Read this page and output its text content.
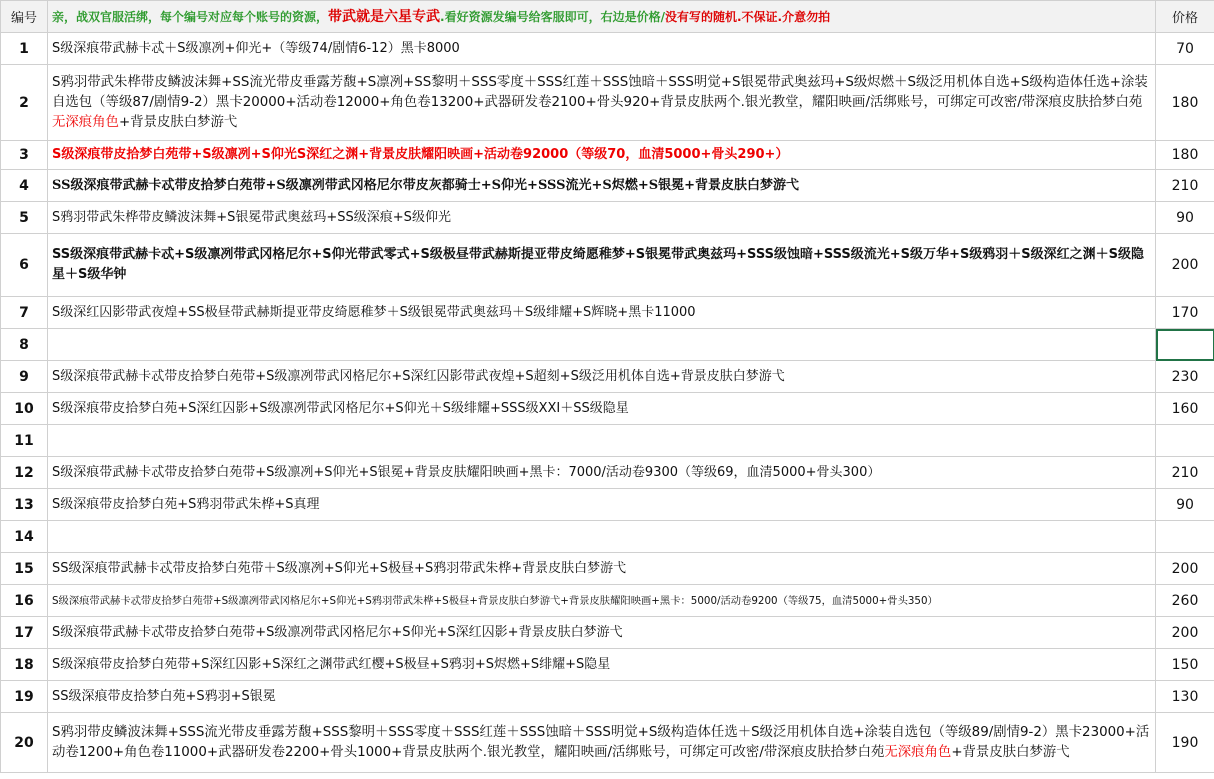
编号	亲，战双官服活绑，每个编号对应每个账号的资源，带武就是六星专武.看好资源发编号给客服即可，右边是价格/没有写的随机.不保证.介意勿拍	价格
1	S级深痕带武赫卡忒＋S级凛冽+仰光+（等级74/剧情6-12）黑卡8000	70
2	S鸦羽带武朱桦带皮鳞波沫舞+SS流光带皮垂露芳馥+S凛冽+SS黎明＋SSS零度＋SSS红莲＋SSS蚀暗＋SSS明觉+S银冕带武奥兹玛+S级烬燃＋S级泛用机体自选+S级构造体任选+涂装自选包（等级87/剧情9-2）黑卡20000+活动卷12000+角色卷13200+武器研发卷2100+骨头920+背景皮肤两个.银光教堂，耀阳映画/活绑账号，可绑定可改密/带深痕皮肤拾梦白苑无深痕角色+背景皮肤白梦游弋	180
3	S级深痕带皮拾梦白苑带+S级凛冽+S仰光S深红之渊+背景皮肤耀阳映画+活动卷92000（等级70，血清5000+骨头290+）	180
4	SS级深痕带武赫卡忒带皮拾梦白苑带+S级凛冽带武冈格尼尔带皮灰都骑士+S仰光+SSS流光+S烬燃+S银冕+背景皮肤白梦游弋	210
5	S鸦羽带武朱桦带皮鳞波沫舞+S银冕带武奥兹玛+SS级深痕+S级仰光	90
6	SS级深痕带武赫卡忒+S级凛冽带武冈格尼尔+S仰光带武零式+S级极昼带武赫斯提亚带皮绮愿稚梦+S银冕带武奥兹玛+SSS级蚀暗+SSS级流光+S级万华+S级鸦羽＋S级深红之渊＋S级隐星＋S级华钟	200
7	S级深红囚影带武夜煌+SS极昼带武赫斯提亚带皮绮愿稚梦＋S级银冕带武奥兹玛＋S级绯耀+S辉晓+黑卡11000	170
8		
9	S级深痕带武赫卡忒带皮拾梦白苑带+S级凛冽带武冈格尼尔+S深红囚影带武夜煌+S超刻+S级泛用机体自选+背景皮肤白梦游弋	230
10	S级深痕带皮拾梦白苑+S深红囚影+S级凛冽带武冈格尼尔+S仰光＋S级绯耀+SSS级XXI＋SS级隐星	160
11		
12	S级深痕带武赫卡忒带皮拾梦白苑带+S级凛冽+S仰光+S银冕+背景皮肤耀阳映画+黑卡：7000/活动卷9300（等级69，血清5000+骨头300）	210
13	S级深痕带皮拾梦白苑+S鸦羽带武朱桦+S真理	90
14		
15	SS级深痕带武赫卡忒带皮拾梦白苑带＋S级凛冽+S仰光+S极昼+S鸦羽带武朱桦+背景皮肤白梦游弋	200
16	S级深痕带武赫卡忒带皮拾梦白苑带+S级凛冽带武冈格尼尔+S仰光+S鸦羽带武朱桦+S极昼+背景皮肤白梦游弋+背景皮肤耀阳映画+黑卡：5000/活动卷9200（等级75，血清5000+骨头350）	260
17	S级深痕带武赫卡忒带皮拾梦白苑带+S级凛冽带武冈格尼尔+S仰光+S深红囚影+背景皮肤白梦游弋	200
18	S级深痕带皮拾梦白苑带+S深红囚影+S深红之渊带武红樱+S极昼+S鸦羽+S烬燃+S绯耀+S隐星	150
19	SS级深痕带皮拾梦白苑+S鸦羽+S银冕	130
20	S鸦羽带皮鳞波沫舞+SSS流光带皮垂露芳馥+SSS黎明＋SSS零度＋SSS红莲＋SSS蚀暗＋SSS明觉+S级构造体任选＋S级泛用机体自选+涂装自选包（等级89/剧情9-2）黑卡23000+活动卷1200+角色卷11000+武器研发卷2200+骨头1000+背景皮肤两个.银光教堂，耀阳映画/活绑账号，可绑定可改密/带深痕皮肤拾梦白苑无深痕角色+背景皮肤白梦游弋	190
